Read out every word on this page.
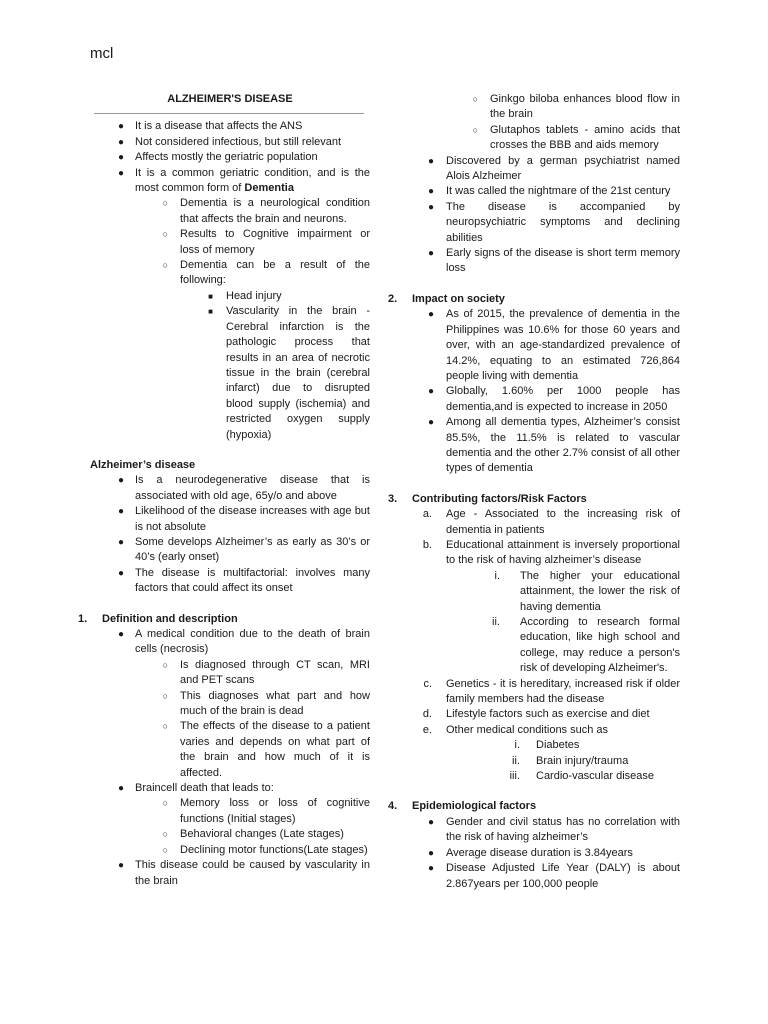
mcl
ALZHEIMER'S DISEASE
● It is a disease that affects the ANS
● Not considered infectious, but still relevant
● Affects mostly the geriatric population
● It is a common geriatric condition, and is the most common form of Dementia
○ Dementia is a neurological condition that affects the brain and neurons.
○ Results to Cognitive impairment or loss of memory
○ Dementia can be a result of the following:
■ Head injury
■ Vascularity in the brain - Cerebral infarction is the pathologic process that results in an area of necrotic tissue in the brain (cerebral infarct) due to disrupted blood supply (ischemia) and restricted oxygen supply (hypoxia)
Alzheimer’s disease
● Is a neurodegenerative disease that is associated with old age, 65y/o and above
● Likelihood of the disease increases with age but is not absolute
● Some develops Alzheimer’s as early as 30’s or 40’s (early onset)
● The disease is multifactorial: involves many factors that could affect its onset
1. Definition and description
● A medical condition due to the death of brain cells (necrosis)
○ Is diagnosed through CT scan, MRI and PET scans
○ This diagnoses what part and how much of the brain is dead
○ The effects of the disease to a patient varies and depends on what part of the brain and how much of it is affected.
● Braincell death that leads to:
○ Memory loss or loss of cognitive functions (Initial stages)
○ Behavioral changes (Late stages)
○ Declining motor functions(Late stages)
● This disease could be caused by vascularity in the brain
○ Ginkgo biloba enhances blood flow in the brain
○ Glutaphos tablets - amino acids that crosses the BBB and aids memory
● Discovered by a german psychiatrist named Alois Alzheimer
● It was called the nightmare of the 21st century
● The disease is accompanied by neuropsychiatric symptoms and declining abilities
● Early signs of the disease is short term memory loss
2. Impact on society
● As of 2015, the prevalence of dementia in the Philippines was 10.6% for those 60 years and over, with an age-standardized prevalence of 14.2%, equating to an estimated 726,864 people living with dementia
● Globally, 1.60% per 1000 people has dementia,and is expected to increase in 2050
● Among all dementia types, Alzheimer’s consist 85.5%, the 11.5% is related to vascular dementia and the other 2.7% consist of all other types of dementia
3. Contributing factors/Risk Factors
a. Age - Associated to the increasing risk of dementia in patients
b. Educational attainment is inversely proportional to the risk of having alzheimer’s disease
i. The higher your educational attainment, the lower the risk of having dementia
ii. According to research formal education, like high school and college, may reduce a person's risk of developing Alzheimer's.
c. Genetics - it is hereditary, increased risk if older family members had the disease
d. Lifestyle factors such as exercise and diet
e. Other medical conditions such as
i. Diabetes
ii. Brain injury/trauma
iii. Cardio-vascular disease
4. Epidemiological factors
● Gender and civil status has no correlation with the risk of having alzheimer’s
● Average disease duration is 3.84years
● Disease Adjusted Life Year (DALY) is about 2.867years per 100,000 people
